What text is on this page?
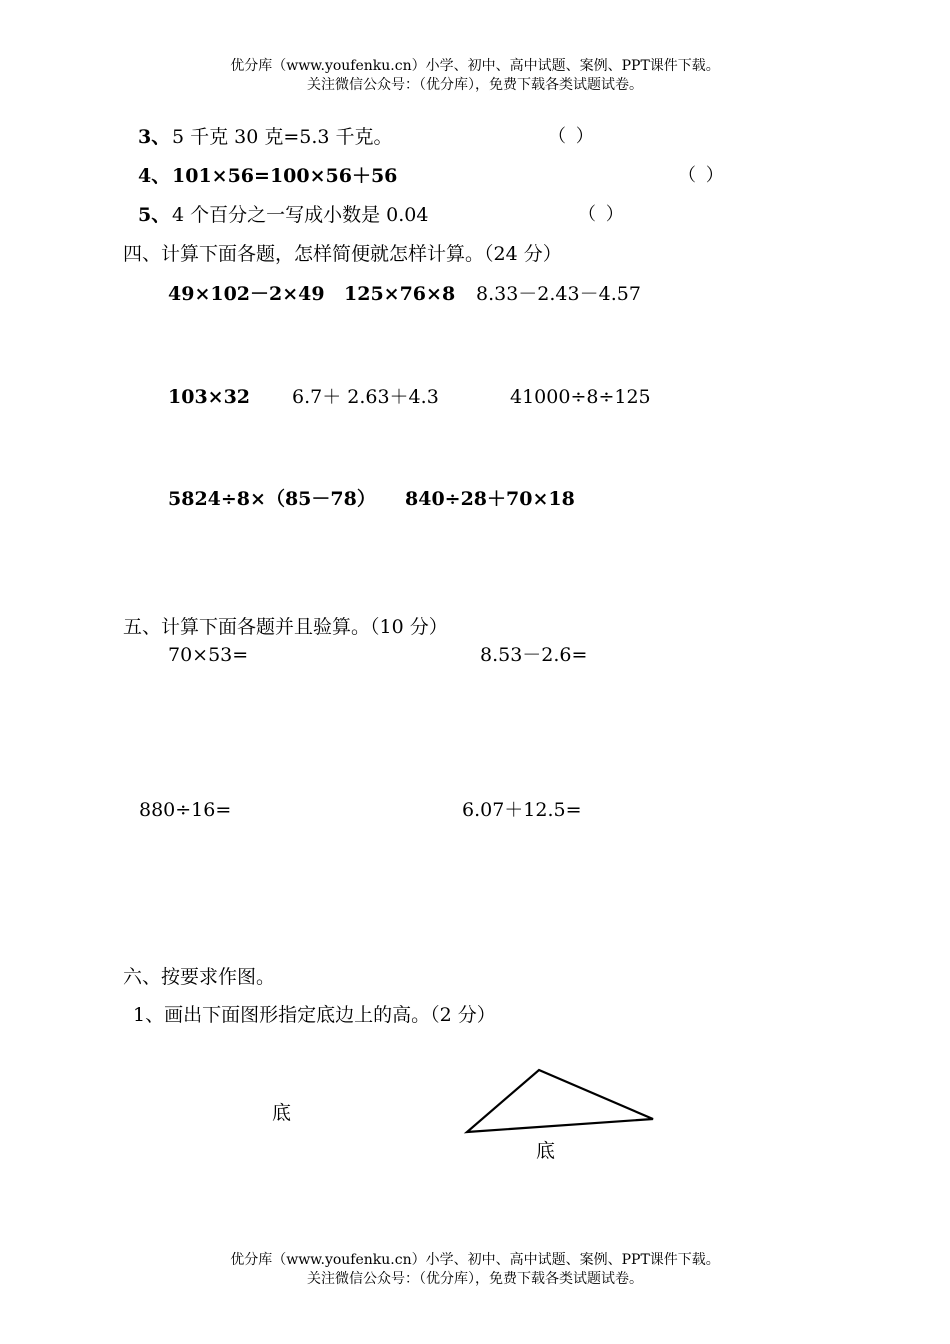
优分库（www.youfenku.cn）小学、初中、高中试题、案例、PPT课件下载。
关注微信公众号：（优分库），免费下载各类试题试卷。
3、 5 千克 30 克=5.3 千克。	（ ）
4、 101×56=100×56＋56	（ ）
5、 4 个百分之一写成小数是 0.04	（ ）
四、计算下面各题，怎样简便就怎样计算。（24 分）
49×102－2×49 125×76×8 8.33－2.43－4.57
103×32 6.7＋ 2.63＋4.3	41000÷8÷125
5824÷8×（85－78） 840÷28＋70×18
五、计算下面各题并且验算。（10 分）
70×53=	8.53－2.6=
880÷16=	6.07＋12.5=
六、按要求作图。
1、画出下面图形指定底边上的高。（2 分）
底
底
优分库（www.youfenku.cn）小学、初中、高中试题、案例、PPT课件下载。
关注微信公众号：（优分库），免费下载各类试题试卷。
